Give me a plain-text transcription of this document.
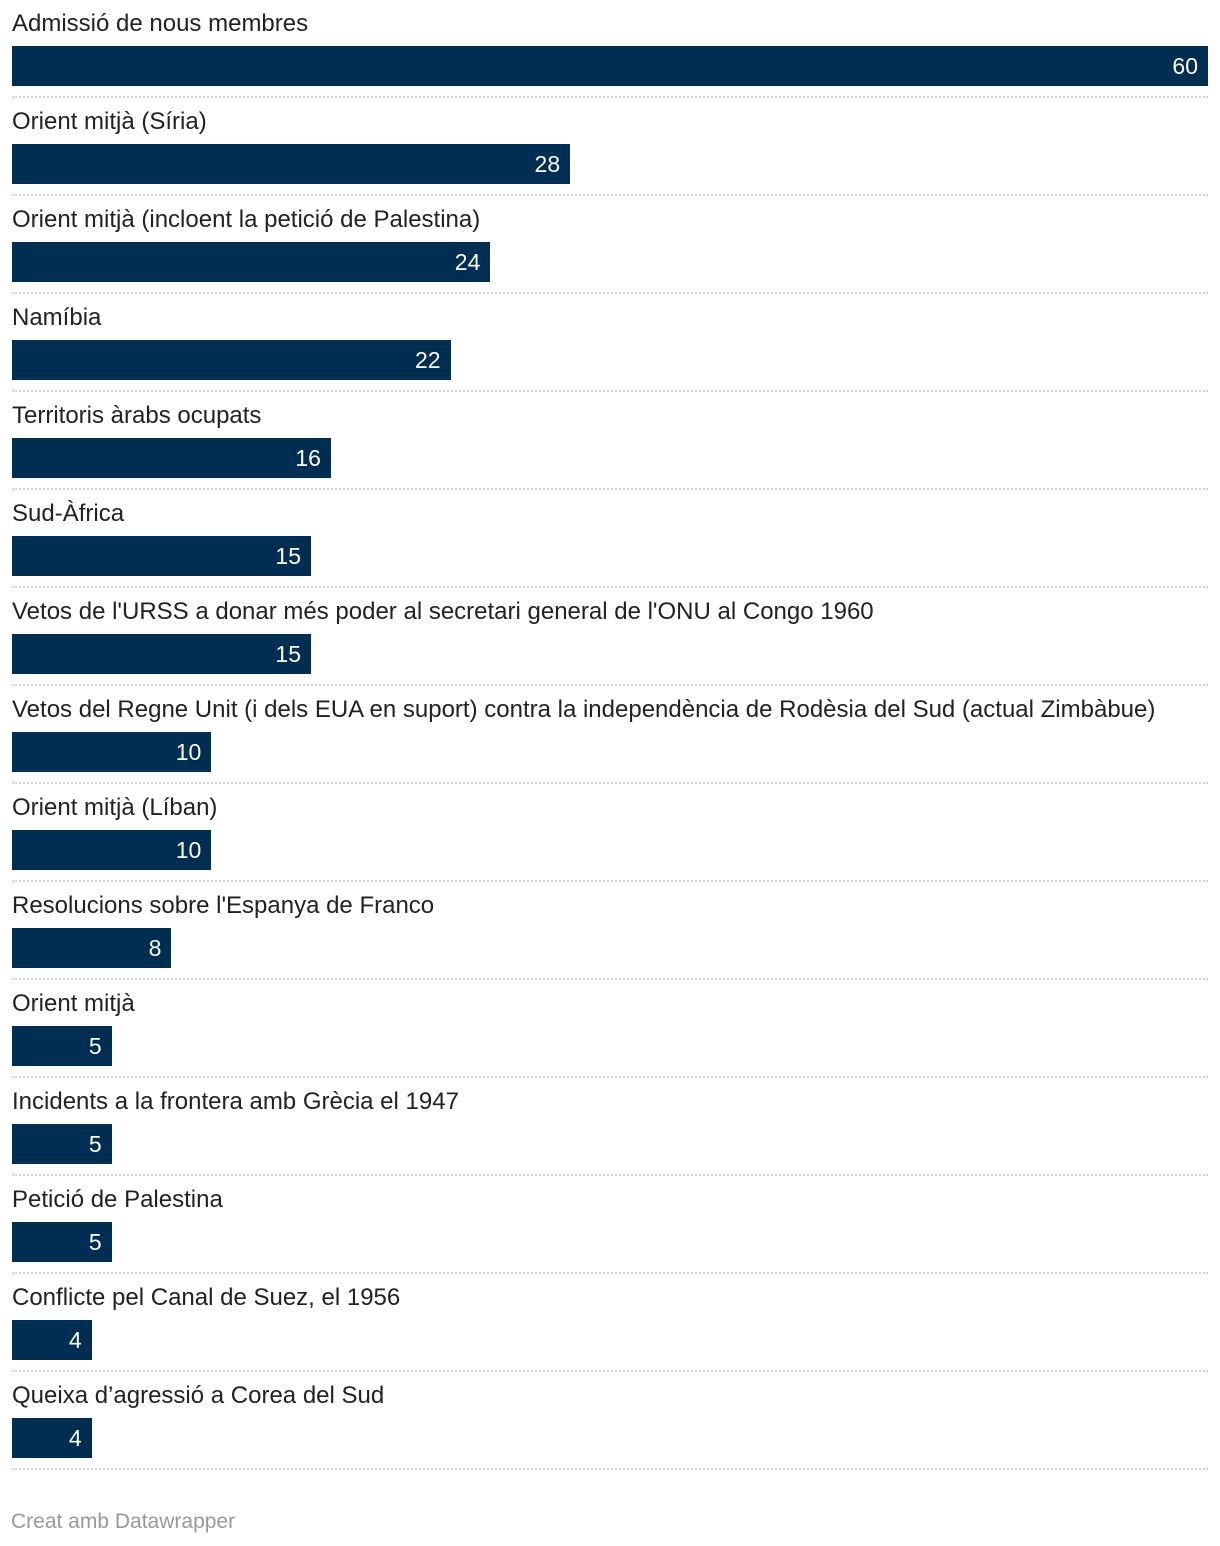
Admissió de nous membres
60
Orient mitjà (Síria)
28
Orient mitjà (incloent la petició de Palestina)
24
Namíbia
22
Territoris àrabs ocupats
16
Sud-Àfrica
15
Vetos de l'URSS a donar més poder al secretari general de l'ONU al Congo 1960
15
Vetos del Regne Unit (i dels EUA en suport) contra la independència de Rodèsia del Sud (actual Zimbàbue)
10
Orient mitjà (Líban)
10
Resolucions sobre l'Espanya de Franco
8
Orient mitjà
5
Incidents a la frontera amb Grècia el 1947
5
Petició de Palestina
5
Conflicte pel Canal de Suez, el 1956
4
Queixa d’agressió a Corea del Sud
4
Creat amb Datawrapper
